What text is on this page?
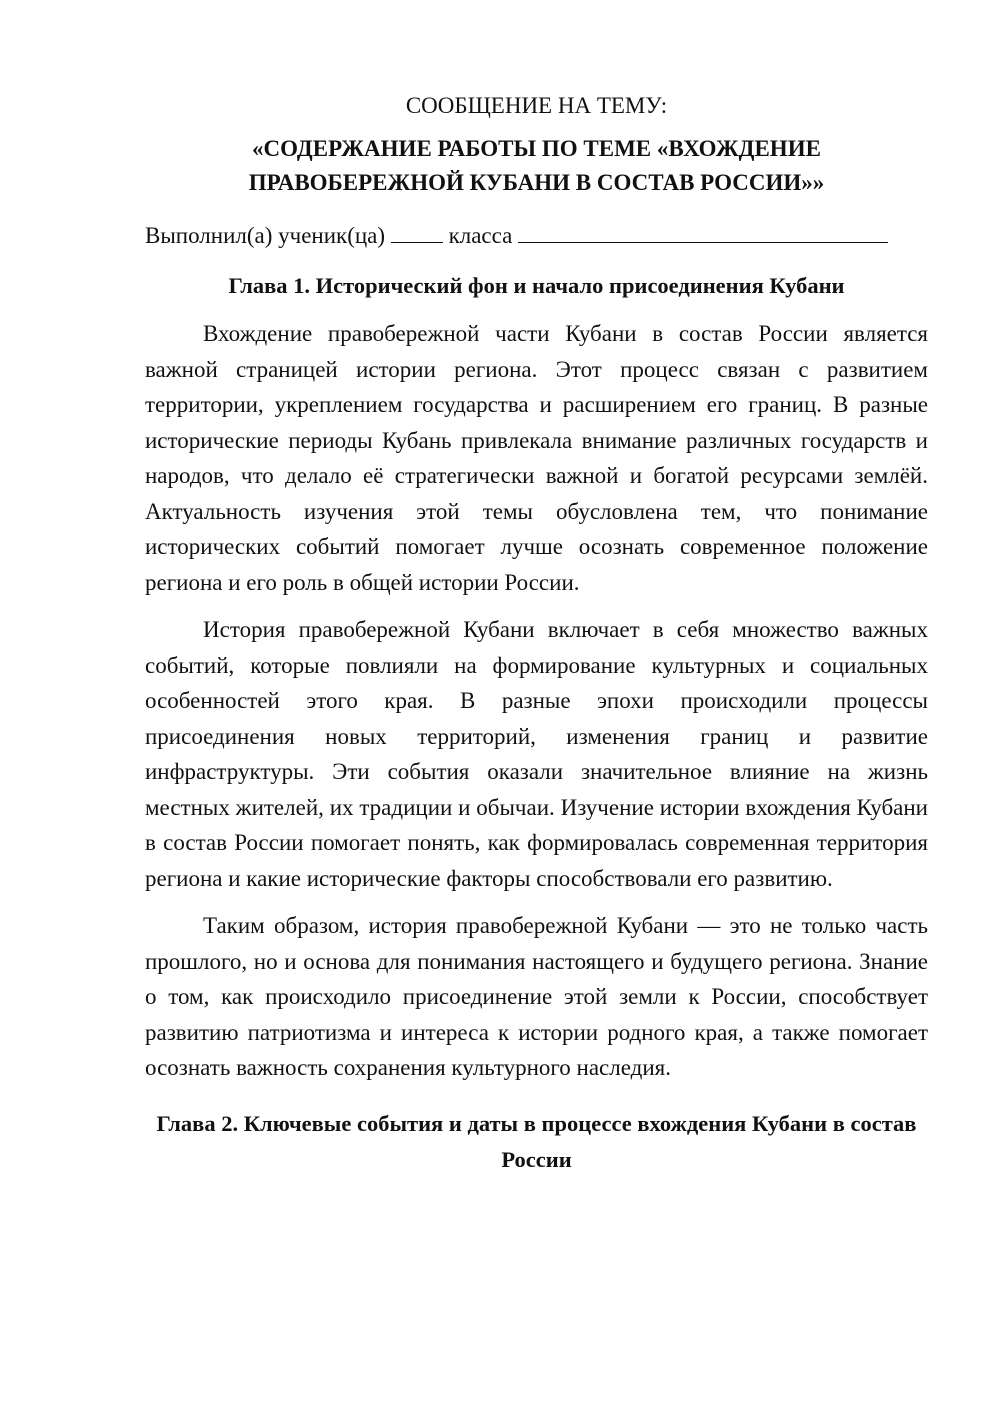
СООБЩЕНИЕ НА ТЕМУ:

«СОДЕРЖАНИЕ РАБОТЫ ПО ТЕМЕ «ВХОЖДЕНИЕ ПРАВОБЕРЕЖНОЙ КУБАНИ В СОСТАВ РОССИИ»»

Выполнил(а) ученик(ца)	класса

Глава 1. Исторический фон и начало присоединения Кубани

Вхождение правобережной части Кубани в состав России является важной страницей истории региона. Этот процесс связан с развитием территории, укреплением государства и расширением его границ. В разные исторические периоды Кубань привлекала внимание различных государств и народов, что делало её стратегически важной и богатой ресурсами землёй. Актуальность изучения этой темы обусловлена тем, что понимание исторических событий помогает лучше осознать современное положение региона и его роль в общей истории России.

История правобережной Кубани включает в себя множество важных событий, которые повлияли на формирование культурных и социальных особенностей этого края. В разные эпохи происходили процессы присоединения новых территорий, изменения границ и развитие инфраструктуры. Эти события оказали значительное влияние на жизнь местных жителей, их традиции и обычаи. Изучение истории вхождения Кубани в состав России помогает понять, как формировалась современная территория региона и какие исторические факторы способствовали его развитию.

Таким образом, история правобережной Кубани — это не только часть прошлого, но и основа для понимания настоящего и будущего региона. Знание о том, как происходило присоединение этой земли к России, способствует развитию патриотизма и интереса к истории родного края, а также помогает осознать важность сохранения культурного наследия.

Глава 2. Ключевые события и даты в процессе вхождения Кубани в состав России
